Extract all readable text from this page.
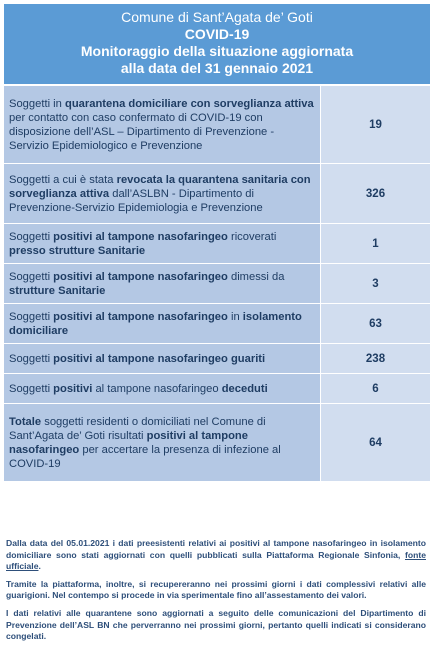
Comune di Sant’Agata de’ Goti
COVID-19
Monitoraggio della situazione aggiornata
alla data del 31 gennaio 2021
Soggetti in quarantena domiciliare con sorveglianza attiva per contatto con caso confermato di COVID-19 con disposizione dell’ASL – Dipartimento di Prevenzione - Servizio Epidemiologico e Prevenzione	19
Soggetti a cui è stata revocata la quarantena sanitaria con sorveglianza attiva dall’ASLBN - Dipartimento di Prevenzione-Servizio Epidemiologia e Prevenzione	326
Soggetti positivi al tampone nasofaringeo ricoverati presso strutture Sanitarie	1
Soggetti positivi al tampone nasofaringeo dimessi da strutture Sanitarie	3
Soggetti positivi al tampone nasofaringeo in isolamento domiciliare	63
Soggetti positivi al tampone nasofaringeo guariti	238
Soggetti positivi al tampone nasofaringeo deceduti	6
Totale soggetti residenti o domiciliati nel Comune di Sant’Agata de’ Goti risultati positivi al tampone nasofaringeo per accertare la presenza di infezione al COVID-19	64

Dalla data del 05.01.2021 i dati preesistenti relativi ai positivi al tampone nasofaringeo in isolamento domiciliare sono stati aggiornati con quelli pubblicati sulla Piattaforma Regionale Sinfonia, fonte ufficiale.

Tramite la piattaforma, inoltre, si recupereranno nei prossimi giorni i dati complessivi relativi alle guarigioni. Nel contempo si procede in via sperimentale fino all’assestamento dei valori.

I dati relativi alle quarantene sono aggiornati a seguito delle comunicazioni del Dipartimento di Prevenzione dell’ASL BN che perverranno nei prossimi giorni, pertanto quelli indicati si considerano congelati.
